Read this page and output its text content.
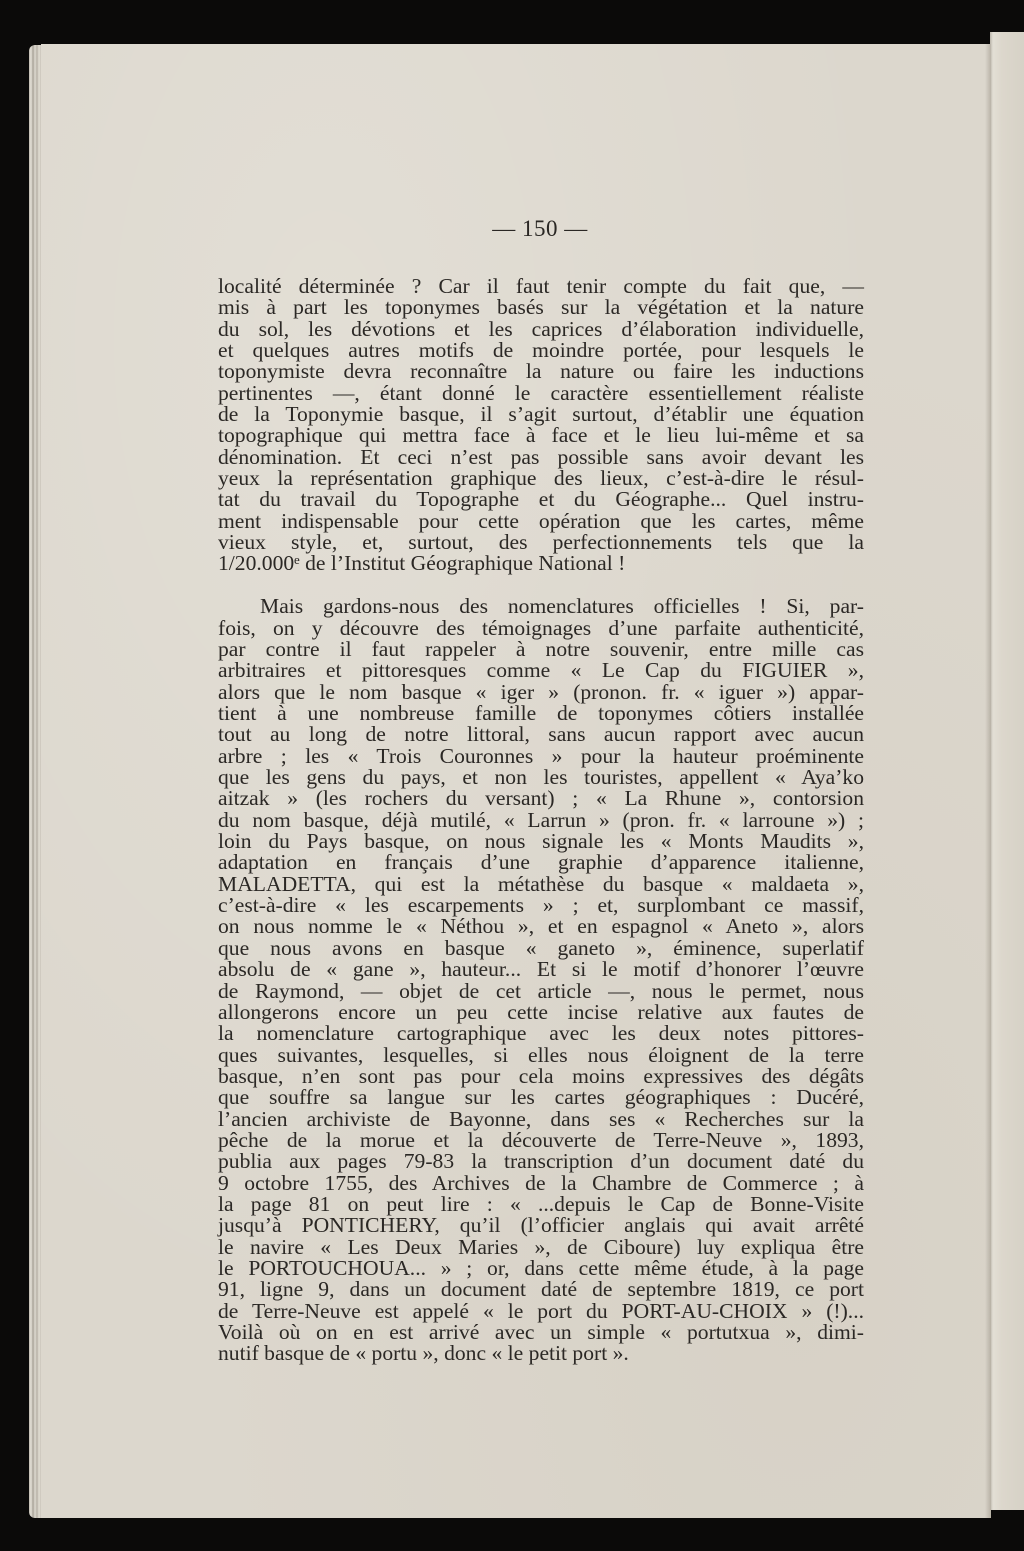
— 150 —
localité déterminée ? Car il faut tenir compte du fait que, —
mis à part les toponymes basés sur la végétation et la nature
du sol, les dévotions et les caprices d’élaboration individuelle,
et quelques autres motifs de moindre portée, pour lesquels le
toponymiste devra reconnaître la nature ou faire les inductions
pertinentes —, étant donné le caractère essentiellement réaliste
de la Toponymie basque, il s’agit surtout, d’établir une équation
topographique qui mettra face à face et le lieu lui-même et sa
dénomination. Et ceci n’est pas possible sans avoir devant les
yeux la représentation graphique des lieux, c’est-à-dire le résul-
tat du travail du Topographe et du Géographe... Quel instru-
ment indispensable pour cette opération que les cartes, même
vieux style, et, surtout, des perfectionnements tels que la
1/20.000ᵉ de l’Institut Géographique National !
Mais gardons-nous des nomenclatures officielles ! Si, par-
fois, on y découvre des témoignages d’une parfaite authenticité,
par contre il faut rappeler à notre souvenir, entre mille cas
arbitraires et pittoresques comme « Le Cap du FIGUIER »,
alors que le nom basque « iger » (pronon. fr. « iguer ») appar-
tient à une nombreuse famille de toponymes côtiers installée
tout au long de notre littoral, sans aucun rapport avec aucun
arbre ; les « Trois Couronnes » pour la hauteur proéminente
que les gens du pays, et non les touristes, appellent « Aya’ko
aitzak » (les rochers du versant) ; « La Rhune », contorsion
du nom basque, déjà mutilé, « Larrun » (pron. fr. « larroune ») ;
loin du Pays basque, on nous signale les « Monts Maudits »,
adaptation en français d’une graphie d’apparence italienne,
MALADETTA, qui est la métathèse du basque « maldaeta »,
c’est-à-dire « les escarpements » ; et, surplombant ce massif,
on nous nomme le « Néthou », et en espagnol « Aneto », alors
que nous avons en basque « ganeto », éminence, superlatif
absolu de « gane », hauteur... Et si le motif d’honorer l’œuvre
de Raymond, — objet de cet article —, nous le permet, nous
allongerons encore un peu cette incise relative aux fautes de
la nomenclature cartographique avec les deux notes pittores-
ques suivantes, lesquelles, si elles nous éloignent de la terre
basque, n’en sont pas pour cela moins expressives des dégâts
que souffre sa langue sur les cartes géographiques : Ducéré,
l’ancien archiviste de Bayonne, dans ses « Recherches sur la
pêche de la morue et la découverte de Terre-Neuve », 1893,
publia aux pages 79-83 la transcription d’un document daté du
9 octobre 1755, des Archives de la Chambre de Commerce ; à
la page 81 on peut lire : « ...depuis le Cap de Bonne-Visite
jusqu’à PONTICHERY, qu’il (l’officier anglais qui avait arrêté
le navire « Les Deux Maries », de Ciboure) luy expliqua être
le PORTOUCHOUA... » ; or, dans cette même étude, à la page
91, ligne 9, dans un document daté de septembre 1819, ce port
de Terre-Neuve est appelé « le port du PORT-AU-CHOIX » (!)...
Voilà où on en est arrivé avec un simple « portutxua », dimi-
nutif basque de « portu », donc « le petit port ».
